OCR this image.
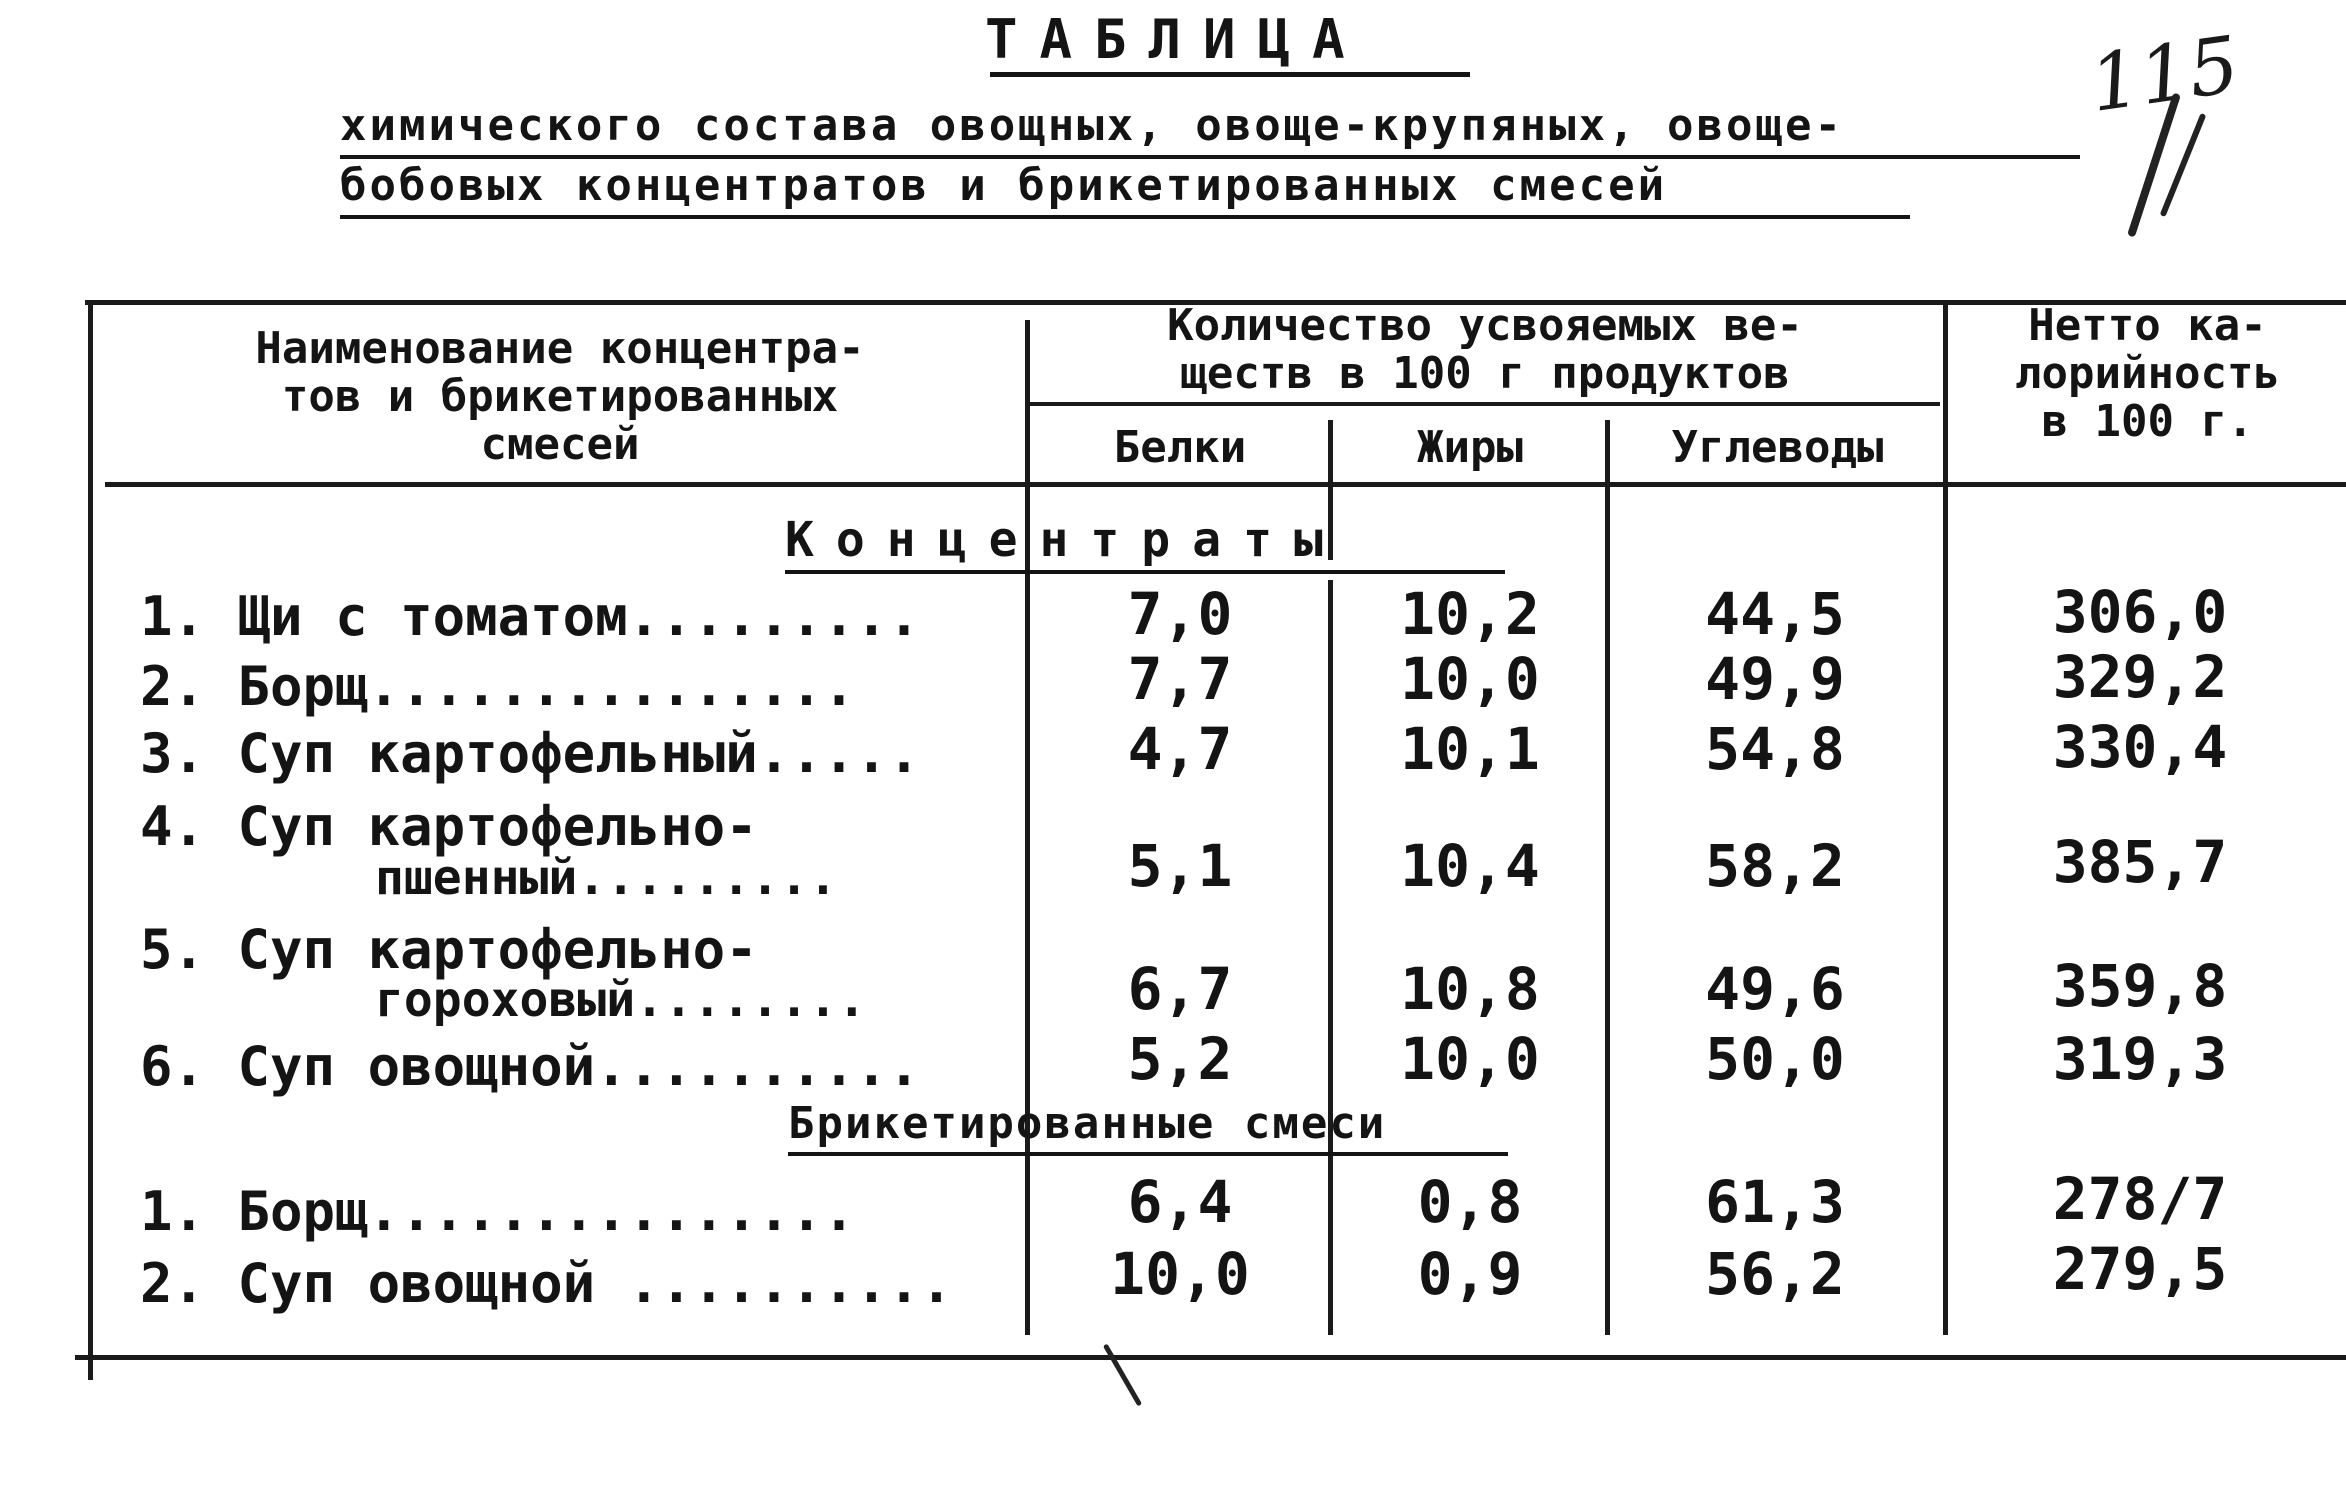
ТАБЛИЦА
химического состава овощных, овоще-крупяных, овоще-
бобовых концентратов и брикетированных смесей
115
Наименование концентра-
тов и брикетированных
смесей
Количество усвояемых ве-
ществ в 100 г продуктов
Белки	Жиры	Углеводы
Нетто ка-
лорийность
в 100 г.
Концентраты
1. Щи с томатом.........	7,0	10,2	44,5	306,0
2. Борщ...............	7,7	10,0	49,9	329,2
3. Суп картофельный.....	4,7	10,1	54,8	330,4
4. Суп картофельно-
пшенный.........	5,1	10,4	58,2	385,7
5. Суп картофельно-
гороховый........	6,7	10,8	49,6	359,8
6. Суп овощной..........	5,2	10,0	50,0	319,3
Брикетированные смеси
1. Борщ...............	6,4	0,8	61,3	278/7
2. Суп овощной ..........	10,0	0,9	56,2	279,5
